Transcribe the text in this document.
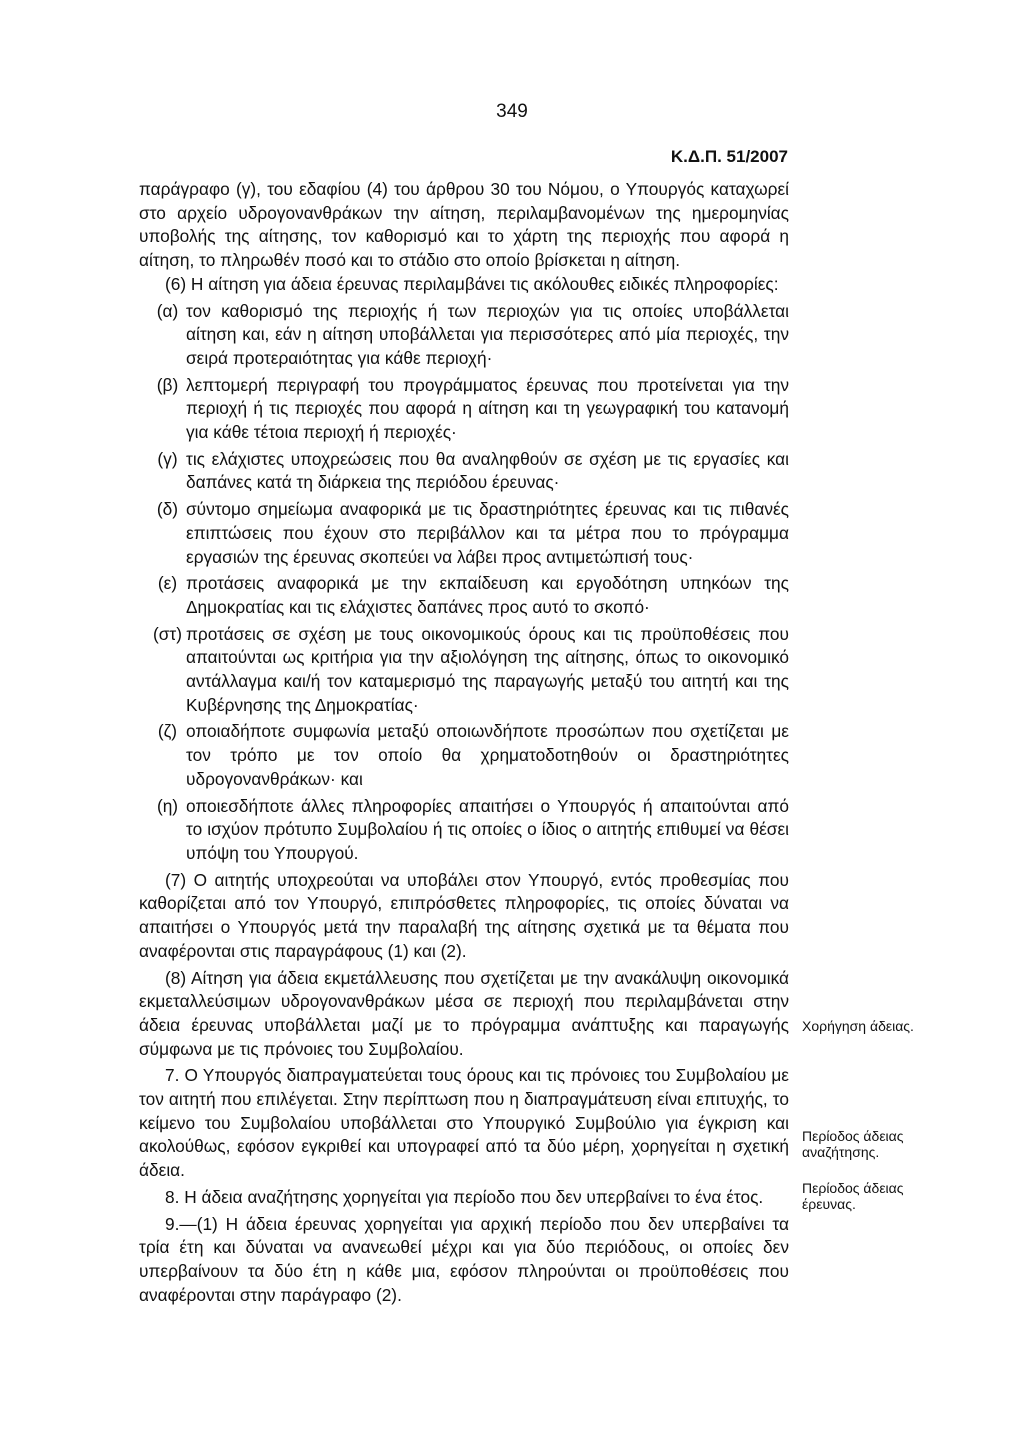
349
Κ.Δ.Π. 51/2007

παράγραφο (γ), του εδαφίου (4) του άρθρου 30 του Νόμου, ο Υπουργός καταχωρεί στο αρχείο υδρογονανθράκων την αίτηση, περιλαμβανομένων της ημερομηνίας υποβολής της αίτησης, τον καθορισμό και το χάρτη της περιοχής που αφορά η αίτηση, το πληρωθέν ποσό και το στάδιο στο οποίο βρίσκεται η αίτηση.

(6) Η αίτηση για άδεια έρευνας περιλαμβάνει τις ακόλουθες ειδικές πληροφορίες:

(α) τον καθορισμό της περιοχής ή των περιοχών για τις οποίες υποβάλλεται αίτηση και, εάν η αίτηση υποβάλλεται για περισσότερες από μία περιοχές, την σειρά προτεραιότητας για κάθε περιοχή·
(β) λεπτομερή περιγραφή του προγράμματος έρευνας που προτείνεται για την περιοχή ή τις περιοχές που αφορά η αίτηση και τη γεωγραφική του κατανομή για κάθε τέτοια περιοχή ή περιοχές·
(γ) τις ελάχιστες υποχρεώσεις που θα αναληφθούν σε σχέση με τις εργασίες και δαπάνες κατά τη διάρκεια της περιόδου έρευνας·
(δ) σύντομο σημείωμα αναφορικά με τις δραστηριότητες έρευνας και τις πιθανές επιπτώσεις που έχουν στο περιβάλλον και τα μέτρα που το πρόγραμμα εργασιών της έρευνας σκοπεύει να λάβει προς αντιμετώπισή τους·
(ε) προτάσεις αναφορικά με την εκπαίδευση και εργοδότηση υπηκόων της Δημοκρατίας και τις ελάχιστες δαπάνες προς αυτό το σκοπό·
(στ) προτάσεις σε σχέση με τους οικονομικούς όρους και τις προϋποθέσεις που απαιτούνται ως κριτήρια για την αξιολόγηση της αίτησης, όπως το οικονομικό αντάλλαγμα και/ή τον καταμερισμό της παραγωγής μεταξύ του αιτητή και της Κυβέρνησης της Δημοκρατίας·
(ζ) οποιαδήποτε συμφωνία μεταξύ οποιωνδήποτε προσώπων που σχετίζεται με τον τρόπο με τον οποίο θα χρηματοδοτηθούν οι δραστηριότητες υδρογονανθράκων· και
(η) οποιεσδήποτε άλλες πληροφορίες απαιτήσει ο Υπουργός ή απαιτούνται από το ισχύον πρότυπο Συμβολαίου ή τις οποίες ο ίδιος ο αιτητής επιθυμεί να θέσει υπόψη του Υπουργού.

(7) Ο αιτητής υποχρεούται να υποβάλει στον Υπουργό, εντός προθεσμίας που καθορίζεται από τον Υπουργό, επιπρόσθετες πληροφορίες, τις οποίες δύναται να απαιτήσει ο Υπουργός μετά την παραλαβή της αίτησης σχετικά με τα θέματα που αναφέρονται στις παραγράφους (1) και (2).

(8) Αίτηση για άδεια εκμετάλλευσης που σχετίζεται με την ανακάλυψη οικονομικά εκμεταλλεύσιμων υδρογονανθράκων μέσα σε περιοχή που περιλαμβάνεται στην άδεια έρευνας υποβάλλεται μαζί με το πρόγραμμα ανάπτυξης και παραγωγής σύμφωνα με τις πρόνοιες του Συμβολαίου.

7. Ο Υπουργός διαπραγματεύεται τους όρους και τις πρόνοιες του Συμβολαίου με τον αιτητή που επιλέγεται. Στην περίπτωση που η διαπραγμάτευση είναι επιτυχής, το κείμενο του Συμβολαίου υποβάλλεται στο Υπουργικό Συμβούλιο για έγκριση και ακολούθως, εφόσον εγκριθεί και υπογραφεί από τα δύο μέρη, χορηγείται η σχετική άδεια.

8. Η άδεια αναζήτησης χορηγείται για περίοδο που δεν υπερβαίνει το ένα έτος.

9.—(1) Η άδεια έρευνας χορηγείται για αρχική περίοδο που δεν υπερβαίνει τα τρία έτη και δύναται να ανανεωθεί μέχρι και για δύο περιόδους, οι οποίες δεν υπερβαίνουν τα δύο έτη η κάθε μια, εφόσον πληρούνται οι προϋποθέσεις που αναφέρονται στην παράγραφο (2).

Χορήγηση άδειας.
Περίοδος άδειας αναζήτησης.
Περίοδος άδειας έρευνας.
